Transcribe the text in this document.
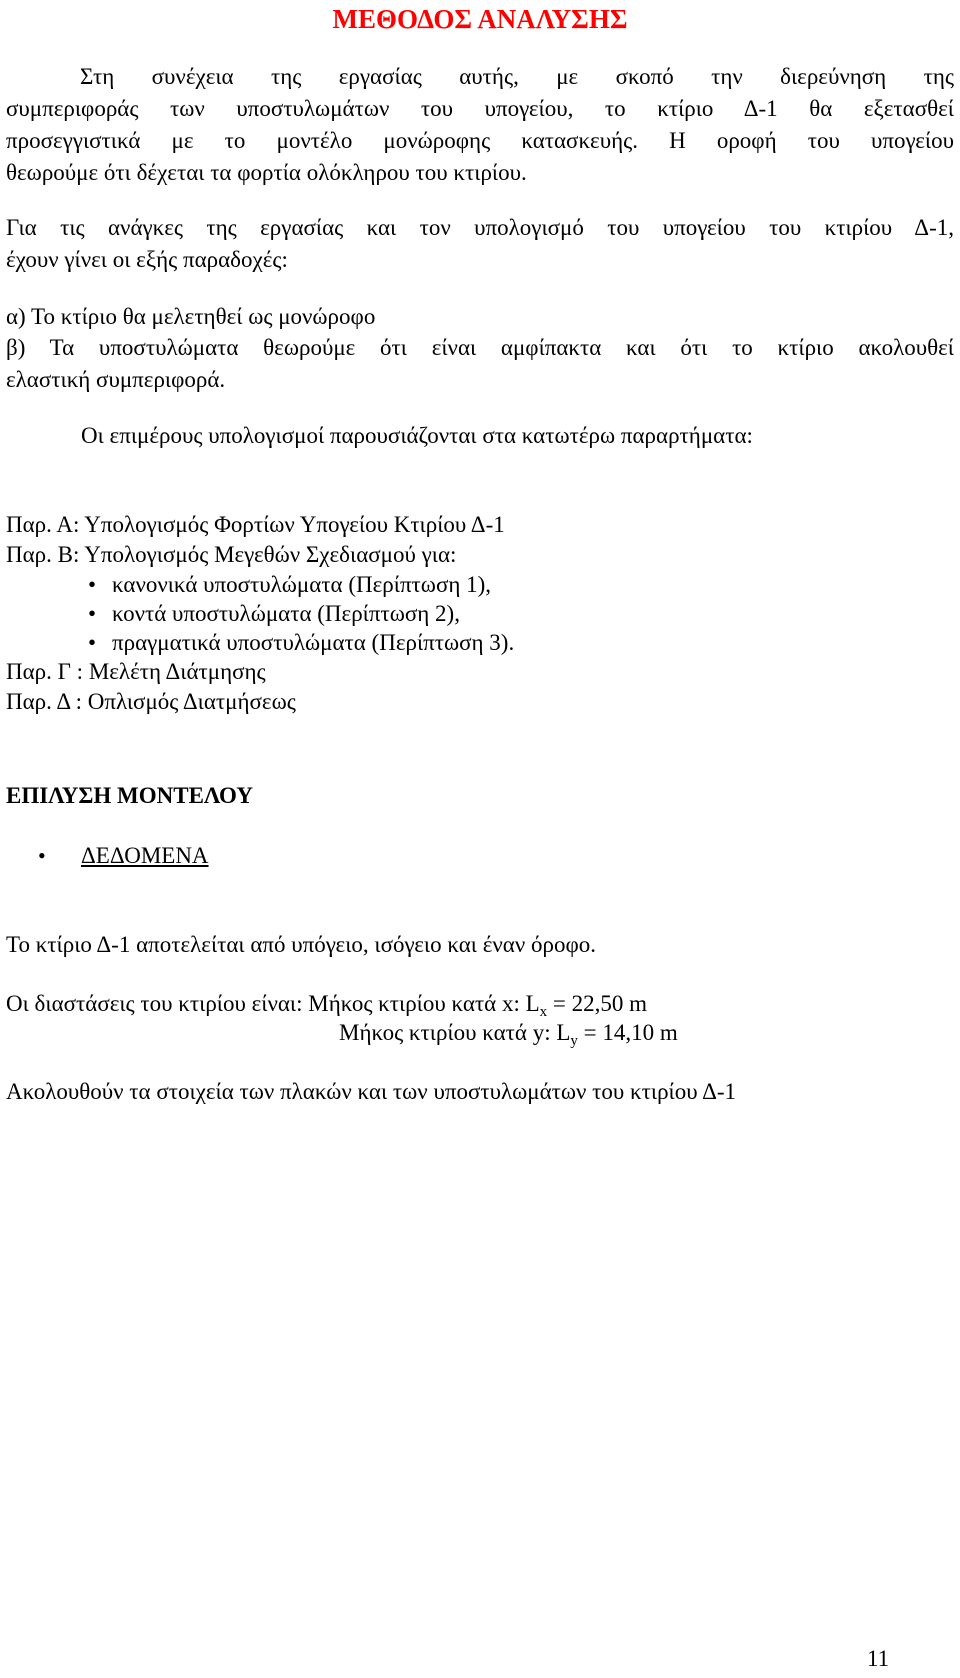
ΜΕΘΟΔΟΣ ΑΝΑΛΥΣΗΣ
Στη συνέχεια της εργασίας αυτής, με σκοπό την διερεύνηση της
συμπεριφοράς των υποστυλωμάτων του υπογείου, το κτίριο Δ-1 θα εξετασθεί
προσεγγιστικά με το μοντέλο μονώροφης κατασκευής. Η οροφή του υπογείου
θεωρούμε ότι δέχεται τα φορτία ολόκληρου του κτιρίου.
Για τις ανάγκες της εργασίας και τον υπολογισμό του υπογείου του κτιρίου Δ-1,
έχουν γίνει οι εξής παραδοχές:
α) Το κτίριο θα μελετηθεί ως μονώροφο
β) Τα υποστυλώματα θεωρούμε ότι είναι αμφίπακτα και ότι το κτίριο ακολουθεί
ελαστική συμπεριφορά.
Οι επιμέρους υπολογισμοί παρουσιάζονται στα κατωτέρω παραρτήματα:
Παρ. Α: Υπολογισμός Φορτίων Υπογείου Κτιρίου Δ-1
Παρ. Β: Υπολογισμός Μεγεθών Σχεδιασμού για:
• κανονικά υποστυλώματα (Περίπτωση 1),
• κοντά υποστυλώματα (Περίπτωση 2),
• πραγματικά υποστυλώματα (Περίπτωση 3).
Παρ. Γ : Μελέτη Διάτμησης
Παρ. Δ : Οπλισμός Διατμήσεως
ΕΠΙΛΥΣΗ ΜΟΝΤΕΛΟΥ
• ΔΕΔΟΜΕΝΑ
Το κτίριο Δ-1 αποτελείται από υπόγειο, ισόγειο και έναν όροφο.
Οι διαστάσεις του κτιρίου είναι: Μήκος κτιρίου κατά x: $L_x = 22,50$ m
Μήκος κτιρίου κατά y: $L_y = 14,10$ m
Ακολουθούν τα στοιχεία των πλακών και των υποστυλωμάτων του κτιρίου Δ-1
11
